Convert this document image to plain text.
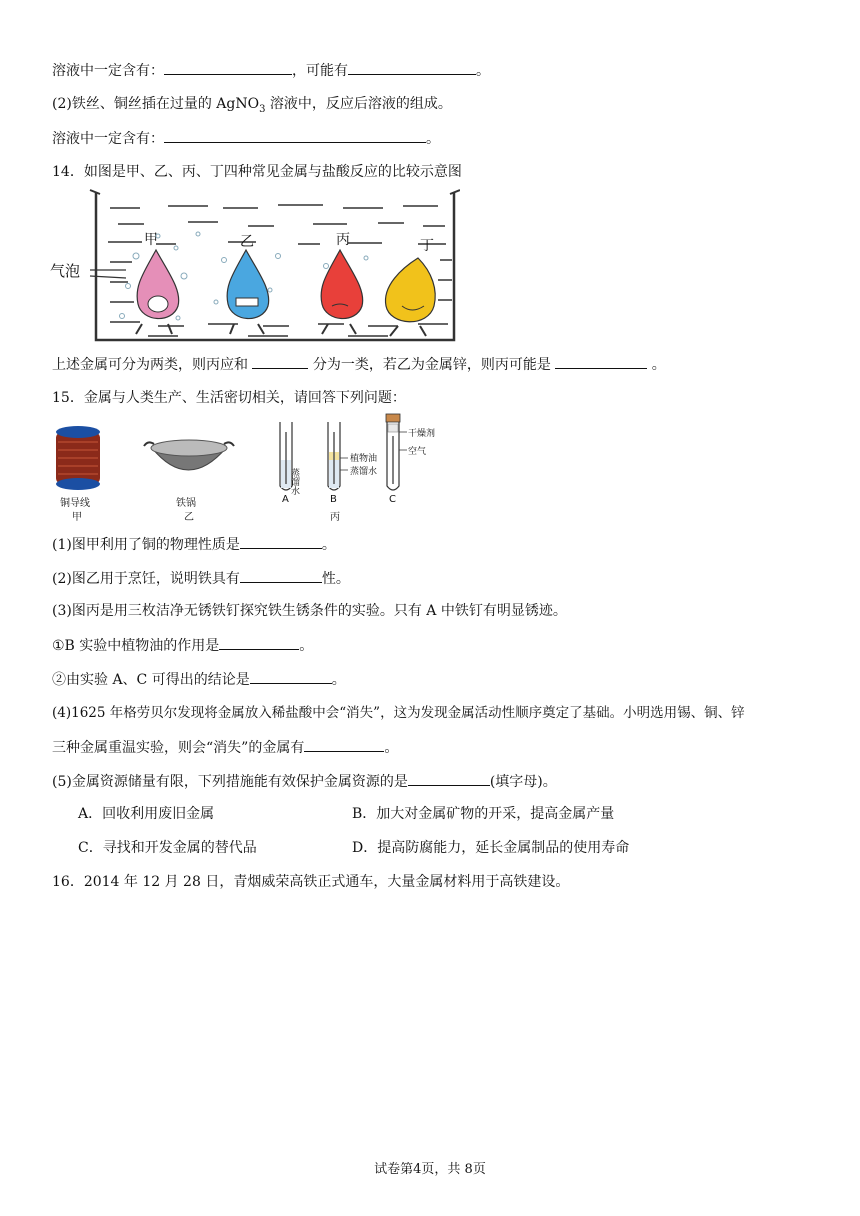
溶液中一定含有：	，可能有	。
(2)铁丝、铜丝插在过量的 AgNO$_3$ 溶液中，反应后溶液的组成。
溶液中一定含有：	。
14．如图是甲、乙、丙、丁四种常见金属与盐酸反应的比较示意图
气泡
甲	乙	丙	丁
上述金属可分为两类，则丙应和	分为一类，若乙为金属锌，则丙可能是	。
15．金属与人类生产、生活密切相关，请回答下列问题：
铜导线
甲
铁锅
乙
蒸馏水
A
植物油
蒸馏水
B
丙
干燥剂
空气
C
(1)图甲利用了铜的物理性质是	。
(2)图乙用于烹饪，说明铁具有	性。
(3)图丙是用三枚洁净无锈铁钉探究铁生锈条件的实验。只有 A 中铁钉有明显锈迹。
①B 实验中植物油的作用是	。
②由实验 A、C 可得出的结论是	。
(4)1625 年格劳贝尔发现将金属放入稀盐酸中会“消失”，这为发现金属活动性顺序奠定了基础。小明选用锡、铜、锌
三种金属重温实验，则会“消失”的金属有	。
(5)金属资源储量有限，下列措施能有效保护金属资源的是	(填字母)。
A．回收利用废旧金属	B．加大对金属矿物的开采，提高金属产量
C．寻找和开发金属的替代品	D．提高防腐能力，延长金属制品的使用寿命
16．2014 年 12 月 28 日，青烟威荣高铁正式通车，大量金属材料用于高铁建设。
试卷第4页，共 8页
